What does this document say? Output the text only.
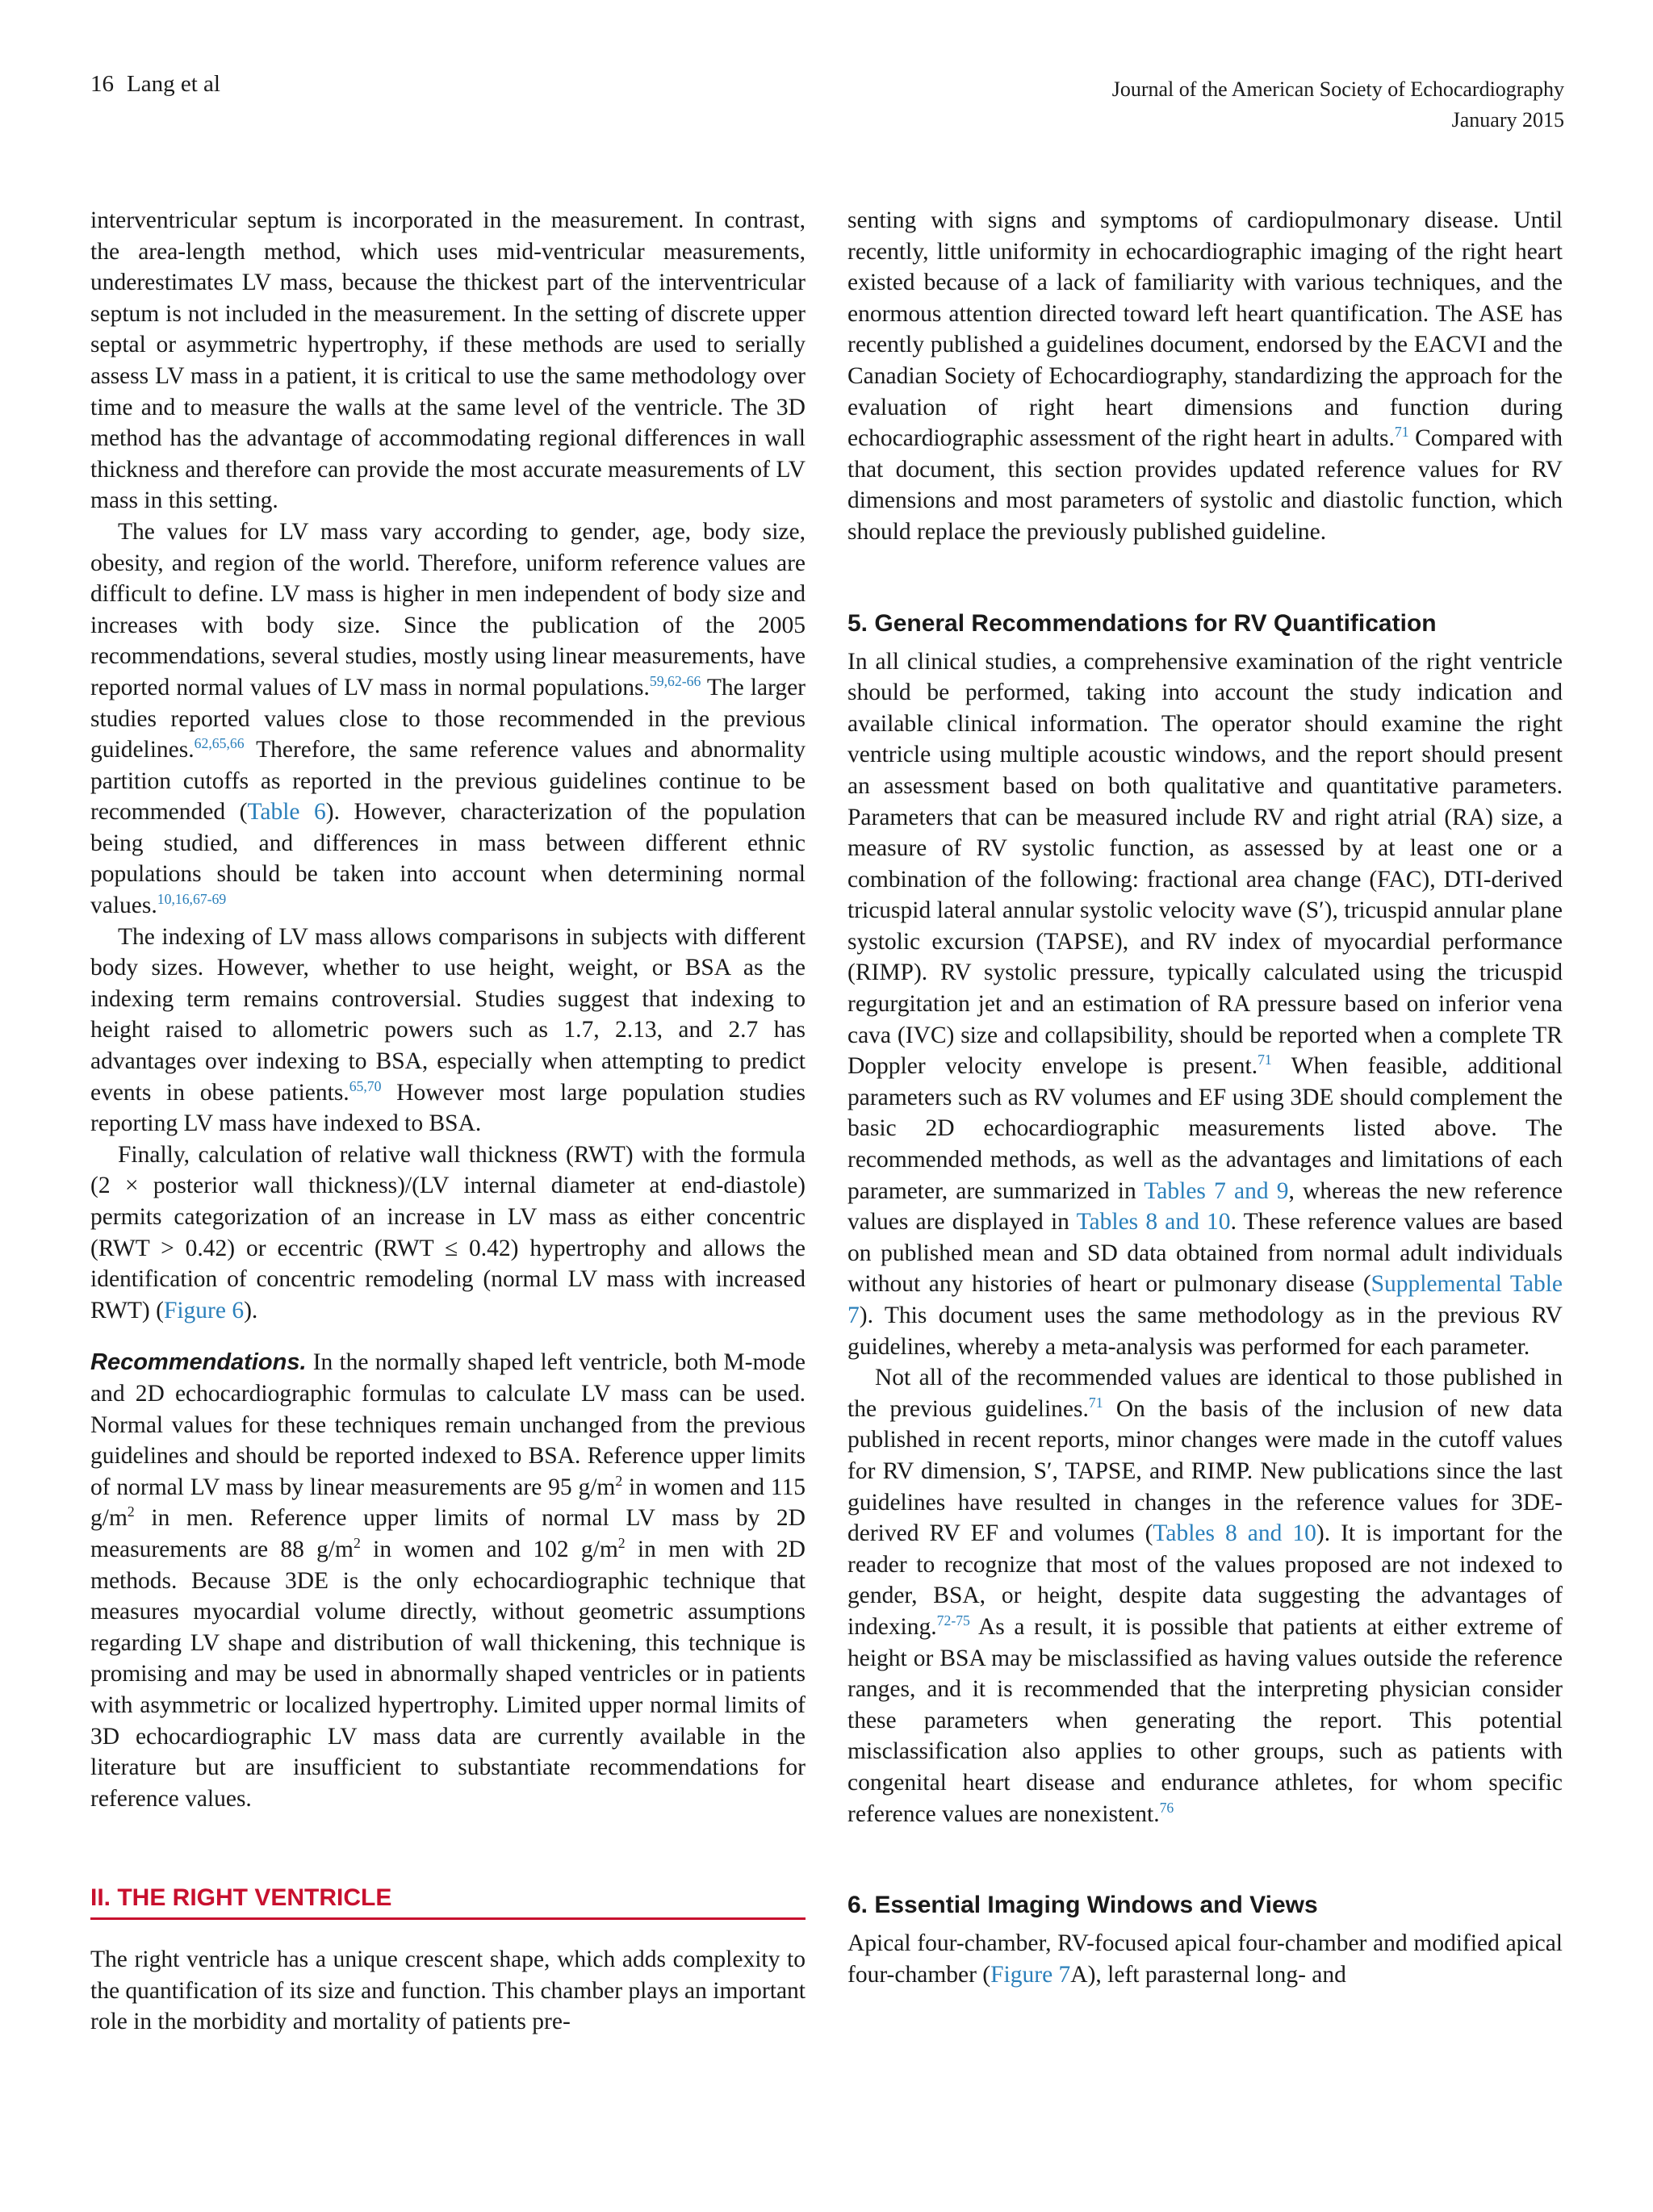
16 Lang et al	Journal of the American Society of Echocardiography
January 2015

interventricular septum is incorporated in the measurement. In contrast, the area-length method, which uses mid-ventricular measurements, underestimates LV mass, because the thickest part of the interventricular septum is not included in the measurement. In the setting of discrete upper septal or asymmetric hypertrophy, if these methods are used to serially assess LV mass in a patient, it is critical to use the same methodology over time and to measure the walls at the same level of the ventricle. The 3D method has the advantage of accommodating regional differences in wall thickness and therefore can provide the most accurate measurements of LV mass in this setting.

The values for LV mass vary according to gender, age, body size, obesity, and region of the world. Therefore, uniform reference values are difficult to define. LV mass is higher in men independent of body size and increases with body size. Since the publication of the 2005 recommendations, several studies, mostly using linear measurements, have reported normal values of LV mass in normal populations.$^{59,62-66}$ The larger studies reported values close to those recommended in the previous guidelines.$^{62,65,66}$ Therefore, the same reference values and abnormality partition cutoffs as reported in the previous guidelines continue to be recommended (Table 6). However, characterization of the population being studied, and differences in mass between different ethnic populations should be taken into account when determining normal values.$^{10,16,67-69}$

The indexing of LV mass allows comparisons in subjects with different body sizes. However, whether to use height, weight, or BSA as the indexing term remains controversial. Studies suggest that indexing to height raised to allometric powers such as 1.7, 2.13, and 2.7 has advantages over indexing to BSA, especially when attempting to predict events in obese patients.$^{65,70}$ However most large population studies reporting LV mass have indexed to BSA.

Finally, calculation of relative wall thickness (RWT) with the formula (2 × posterior wall thickness)/(LV internal diameter at end-diastole) permits categorization of an increase in LV mass as either concentric (RWT > 0.42) or eccentric (RWT ≤ 0.42) hypertrophy and allows the identification of concentric remodeling (normal LV mass with increased RWT) (Figure 6).

Recommendations. In the normally shaped left ventricle, both M-mode and 2D echocardiographic formulas to calculate LV mass can be used. Normal values for these techniques remain unchanged from the previous guidelines and should be reported indexed to BSA. Reference upper limits of normal LV mass by linear measurements are 95 $g/m^2$ in women and 115 $g/m^2$ in men. Reference upper limits of normal LV mass by 2D measurements are 88 $g/m^2$ in women and 102 $g/m^2$ in men with 2D methods. Because 3DE is the only echocardiographic technique that measures myocardial volume directly, without geometric assumptions regarding LV shape and distribution of wall thickening, this technique is promising and may be used in abnormally shaped ventricles or in patients with asymmetric or localized hypertrophy. Limited upper normal limits of 3D echocardiographic LV mass data are currently available in the literature but are insufficient to substantiate recommendations for reference values.

II. THE RIGHT VENTRICLE

The right ventricle has a unique crescent shape, which adds complexity to the quantification of its size and function. This chamber plays an important role in the morbidity and mortality of patients pre-

senting with signs and symptoms of cardiopulmonary disease. Until recently, little uniformity in echocardiographic imaging of the right heart existed because of a lack of familiarity with various techniques, and the enormous attention directed toward left heart quantification. The ASE has recently published a guidelines document, endorsed by the EACVI and the Canadian Society of Echocardiography, standardizing the approach for the evaluation of right heart dimensions and function during echocardiographic assessment of the right heart in adults.$^{71}$ Compared with that document, this section provides updated reference values for RV dimensions and most parameters of systolic and diastolic function, which should replace the previously published guideline.

5. General Recommendations for RV Quantification

In all clinical studies, a comprehensive examination of the right ventricle should be performed, taking into account the study indication and available clinical information. The operator should examine the right ventricle using multiple acoustic windows, and the report should present an assessment based on both qualitative and quantitative parameters. Parameters that can be measured include RV and right atrial (RA) size, a measure of RV systolic function, as assessed by at least one or a combination of the following: fractional area change (FAC), DTI-derived tricuspid lateral annular systolic velocity wave (S′), tricuspid annular plane systolic excursion (TAPSE), and RV index of myocardial performance (RIMP). RV systolic pressure, typically calculated using the tricuspid regurgitation jet and an estimation of RA pressure based on inferior vena cava (IVC) size and collapsibility, should be reported when a complete TR Doppler velocity envelope is present.$^{71}$ When feasible, additional parameters such as RV volumes and EF using 3DE should complement the basic 2D echocardiographic measurements listed above. The recommended methods, as well as the advantages and limitations of each parameter, are summarized in Tables 7 and 9, whereas the new reference values are displayed in Tables 8 and 10. These reference values are based on published mean and SD data obtained from normal adult individuals without any histories of heart or pulmonary disease (Supplemental Table 7). This document uses the same methodology as in the previous RV guidelines, whereby a meta-analysis was performed for each parameter.

Not all of the recommended values are identical to those published in the previous guidelines.$^{71}$ On the basis of the inclusion of new data published in recent reports, minor changes were made in the cutoff values for RV dimension, S′, TAPSE, and RIMP. New publications since the last guidelines have resulted in changes in the reference values for 3DE-derived RV EF and volumes (Tables 8 and 10). It is important for the reader to recognize that most of the values proposed are not indexed to gender, BSA, or height, despite data suggesting the advantages of indexing.$^{72-75}$ As a result, it is possible that patients at either extreme of height or BSA may be misclassified as having values outside the reference ranges, and it is recommended that the interpreting physician consider these parameters when generating the report. This potential misclassification also applies to other groups, such as patients with congenital heart disease and endurance athletes, for whom specific reference values are nonexistent.$^{76}$

6. Essential Imaging Windows and Views

Apical four-chamber, RV-focused apical four-chamber and modified apical four-chamber (Figure 7A), left parasternal long- and
